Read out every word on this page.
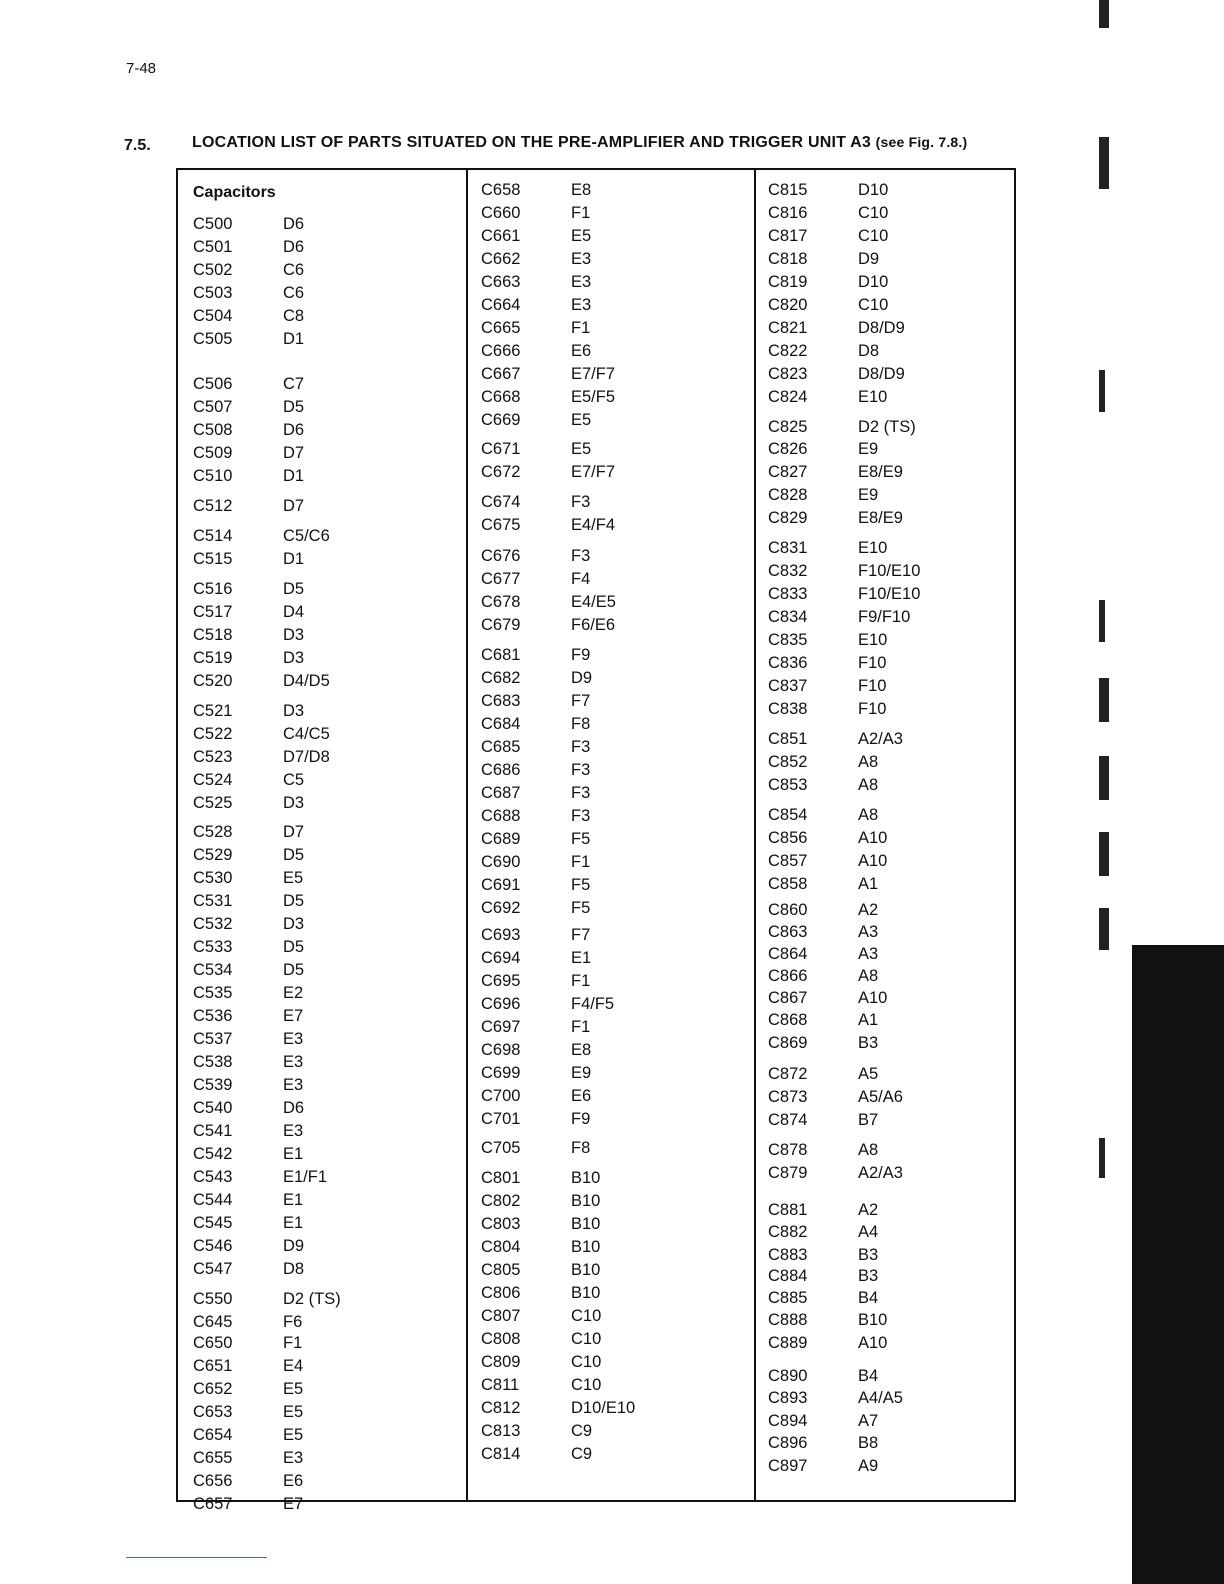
7-48
7.5.	LOCATION LIST OF PARTS SITUATED ON THE PRE-AMPLIFIER AND TRIGGER UNIT A3 (see Fig. 7.8.)
Capacitors
C500	D6
C501	D6
C502	C6
C503	C6
C504	C8
C505	D1
C506	C7
C507	D5
C508	D6
C509	D7
C510	D1
C512	D7
C514	C5/C6
C515	D1
C516	D5
C517	D4
C518	D3
C519	D3
C520	D4/D5
C521	D3
C522	C4/C5
C523	D7/D8
C524	C5
C525	D3
C528	D7
C529	D5
C530	E5
C531	D5
C532	D3
C533	D5
C534	D5
C535	E2
C536	E7
C537	E3
C538	E3
C539	E3
C540	D6
C541	E3
C542	E1
C543	E1/F1
C544	E1
C545	E1
C546	D9
C547	D8
C550	D2 (TS)
C645	F6
C650	F1
C651	E4
C652	E5
C653	E5
C654	E5
C655	E3
C656	E6
C657	E7
C658	E8
C660	F1
C661	E5
C662	E3
C663	E3
C664	E3
C665	F1
C666	E6
C667	E7/F7
C668	E5/F5
C669	E5
C671	E5
C672	E7/F7
C674	F3
C675	E4/F4
C676	F3
C677	F4
C678	E4/E5
C679	F6/E6
C681	F9
C682	D9
C683	F7
C684	F8
C685	F3
C686	F3
C687	F3
C688	F3
C689	F5
C690	F1
C691	F5
C692	F5
C693	F7
C694	E1
C695	F1
C696	F4/F5
C697	F1
C698	E8
C699	E9
C700	E6
C701	F9
C705	F8
C801	B10
C802	B10
C803	B10
C804	B10
C805	B10
C806	B10
C807	C10
C808	C10
C809	C10
C811	C10
C812	D10/E10
C813	C9
C814	C9
C815	D10
C816	C10
C817	C10
C818	D9
C819	D10
C820	C10
C821	D8/D9
C822	D8
C823	D8/D9
C824	E10
C825	D2 (TS)
C826	E9
C827	E8/E9
C828	E9
C829	E8/E9
C831	E10
C832	F10/E10
C833	F10/E10
C834	F9/F10
C835	E10
C836	F10
C837	F10
C838	F10
C851	A2/A3
C852	A8
C853	A8
C854	A8
C856	A10
C857	A10
C858	A1
C860	A2
C863	A3
C864	A3
C866	A8
C867	A10
C868	A1
C869	B3
C872	A5
C873	A5/A6
C874	B7
C878	A8
C879	A2/A3
C881	A2
C882	A4
C883	B3
C884	B3
C885	B4
C888	B10
C889	A10
C890	B4
C893	A4/A5
C894	A7
C896	B8
C897	A9
